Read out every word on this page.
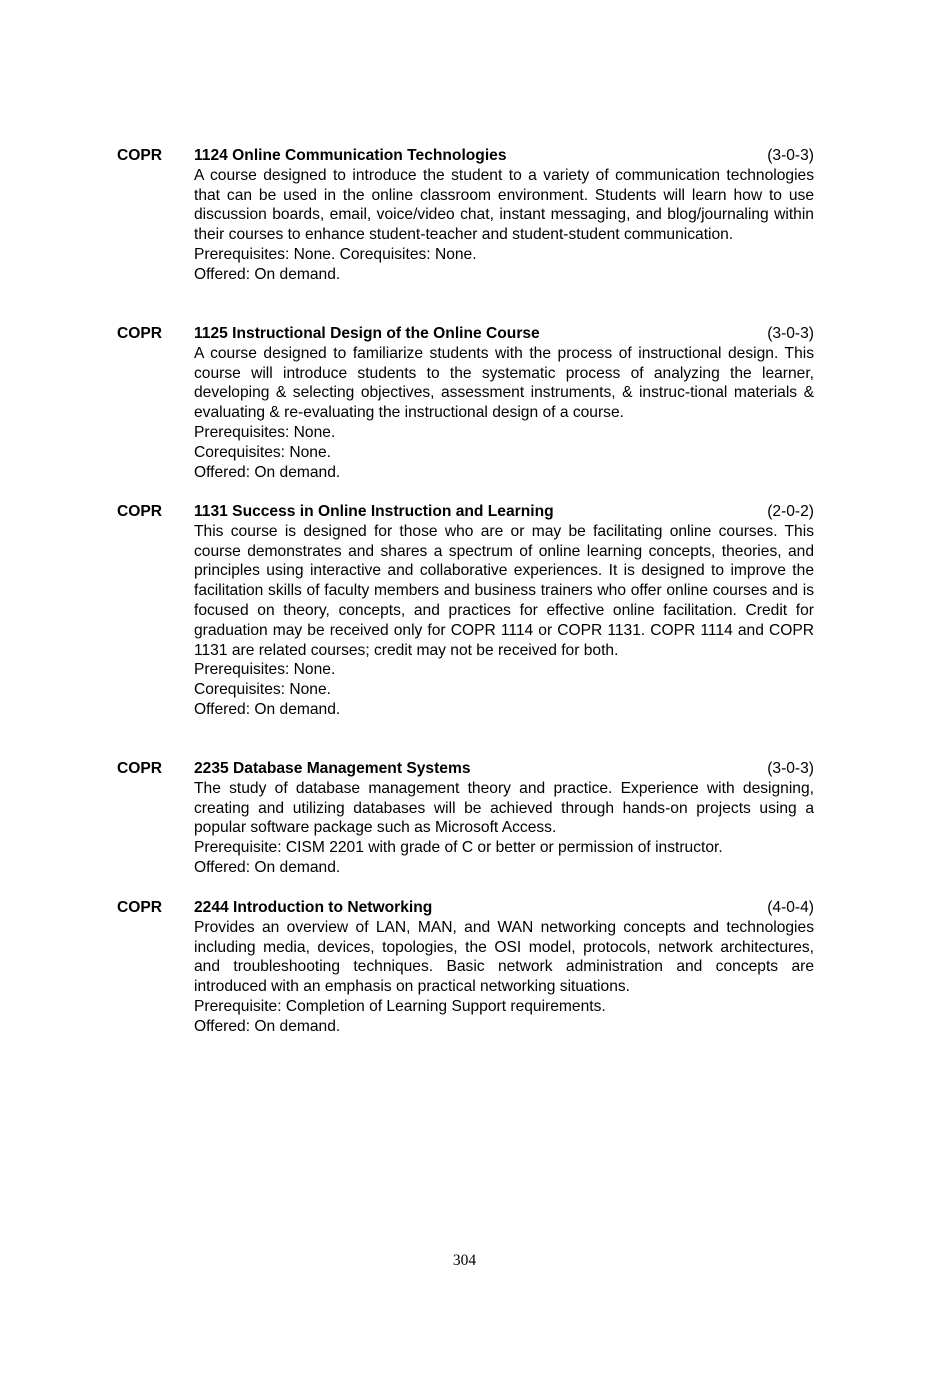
COPR 1124 Online Communication Technologies	(3-0-3)

A course designed to introduce the student to a variety of communication technologies that can be used in the online classroom environment. Students will learn how to use discussion boards, email, voice/video chat, instant messaging, and blog/journaling within their courses to enhance student-teacher and student-student communication.

Prerequisites: None. Corequisites: None.

Offered: On demand.

COPR 1125 Instructional Design of the Online Course	(3-0-3)

A course designed to familiarize students with the process of instructional design. This course will introduce students to the systematic process of analyzing the learner, developing & selecting objectives, assessment instruments, & instruc-tional materials & evaluating & re-evaluating the instructional design of a course.

Prerequisites: None.

Corequisites: None.

Offered: On demand.

COPR 1131 Success in Online Instruction and Learning	(2-0-2)

This course is designed for those who are or may be facilitating online courses. This course demonstrates and shares a spectrum of online learning concepts, theories, and principles using interactive and collaborative experiences. It is designed to improve the facilitation skills of faculty members and business trainers who offer online courses and is focused on theory, concepts, and practices for effective online facilitation. Credit for graduation may be received only for COPR 1114 or COPR 1131. COPR 1114 and COPR 1131 are related courses; credit may not be received for both.

Prerequisites: None.

Corequisites: None.

Offered: On demand.

COPR 2235 Database Management Systems	(3-0-3)

The study of database management theory and practice. Experience with designing, creating and utilizing databases will be achieved through hands-on projects using a popular software package such as Microsoft Access.

Prerequisite: CISM 2201 with grade of C or better or permission of instructor.

Offered: On demand.

COPR 2244 Introduction to Networking	(4-0-4)

Provides an overview of LAN, MAN, and WAN networking concepts and technologies including media, devices, topologies, the OSI model, protocols, network architectures, and troubleshooting techniques. Basic network administration and concepts are introduced with an emphasis on practical networking situations.

Prerequisite: Completion of Learning Support requirements.

Offered: On demand.

304
